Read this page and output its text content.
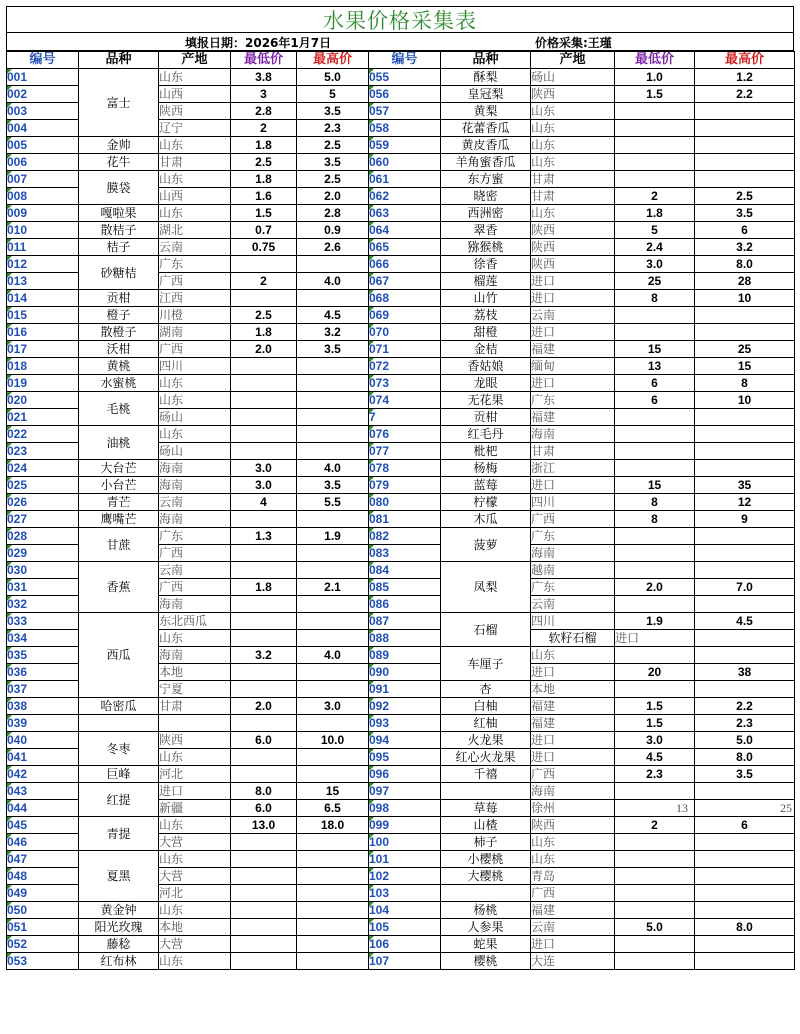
水果价格采集表
填报日期：2026年1月7日	价格采集:王瑾
编号	品种	产地	最低价	最高价	编号	品种	产地	最低价	最高价	
001	富士	山东	3.8	5.0	055	酥梨	砀山	1.0	1.2	
002		山西	3	5	056	皇冠梨	陕西	1.5	2.2	
003		陕西	2.8	3.5	057	黄梨	山东			
004		辽宁	2	2.3	058	花蕾香瓜	山东			
005	金帅	山东	1.8	2.5	059	黄皮香瓜	山东			
006	花牛	甘肃	2.5	3.5	060	羊角蜜香瓜	山东			
007	膜袋	山东	1.8	2.5	061	东方蜜	甘肃			
008		山西	1.6	2.0	062	晓密	甘肃	2	2.5	
009	嘎啦果	山东	1.5	2.8	063	西洲密	山东	1.8	3.5	
010	散桔子	湖北	0.7	0.9	064	翠香	陕西	5	6	
011	桔子	云南	0.75	2.6	065	猕猴桃	陕西	2.4	3.2	
012	砂糖桔	广东			066	徐香	陕西	3.0	8.0	
013		广西	2	4.0	067	榴莲	进口	25	28	
014	贡柑	江西			068	山竹	进口	8	10	
015	橙子	川橙	2.5	4.5	069	荔枝	云南			
016	散橙子	湖南	1.8	3.2	070	甜橙	进口			
017	沃柑	广西	2.0	3.5	071	金桔	福建	15	25	
018	黄桃	四川			072	香姑娘	缅甸	13	15	
019	水蜜桃	山东			073	龙眼	进口	6	8	
020	毛桃	山东			074	无花果	广东	6	10	
021		砀山			7	贡柑	福建			
022	油桃	山东			076	红毛丹	海南			
023		砀山			077	枇杷	甘肃			
024	大台芒	海南	3.0	4.0	078	杨梅	浙江			
025	小台芒	海南	3.0	3.5	079	蓝莓	进口	15	35	
026	青芒	云南	4	5.5	080	柠檬	四川	8	12	
027	鹰嘴芒	海南			081	木瓜	广西	8	9	
028	甘蔗	广东	1.3	1.9	082	菠萝	广东			
029		广西			083		海南			
030	香蕉	云南			084	凤梨	越南			
031		广西	1.8	2.1	085		广东	2.0	7.0	
032		海南			086		云南			
033	西瓜	东北西瓜			087	石榴	四川	1.9	4.5	
034		山东			088		软籽石榴	进口		
035		海南	3.2	4.0	089	车厘子	山东			
036		本地			090		进口	20	38	
037		宁夏			091	杏	本地			
038	哈密瓜	甘肃	2.0	3.0	092	白柚	福建	1.5	2.2	
039					093	红柚	福建	1.5	2.3	
040	冬枣	陕西	6.0	10.0	094	火龙果	进口	3.0	5.0	
041		山东			095	红心火龙果	进口	4.5	8.0	
042	巨峰	河北			096	千禧	广西	2.3	3.5	
043	红提	进口	8.0	15	097		海南			
044		新疆	6.0	6.5	098	草莓	徐州	13	25	
045	青提	山东	13.0	18.0	099	山楂	陕西	2	6	
046		大营			100	柿子	山东			
047	夏黑	山东			101	小樱桃	山东			
048		大营			102	大樱桃	青岛			
049		河北			103		广西			
050	黄金钟	山东			104	杨桃	福建			
051	阳光玫瑰	本地			105	人参果	云南	5.0	8.0	
052	藤稔	大营			106	蛇果	进口			
053	红布林	山东			107	樱桃	大连			
